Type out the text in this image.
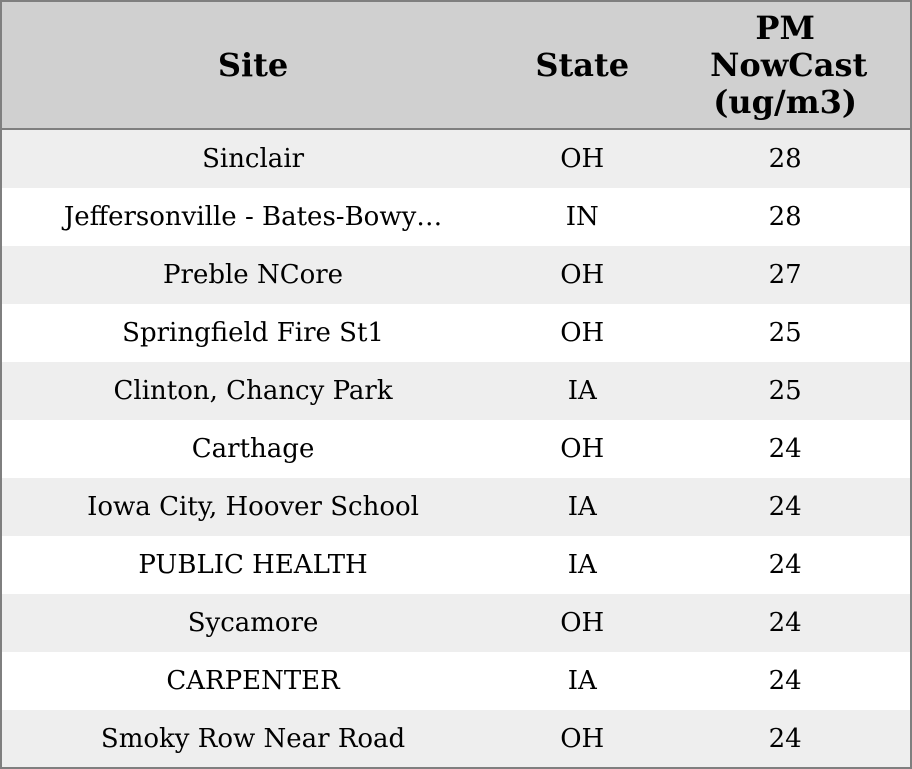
Site	State	PM NowCast (ug/m3)
Sinclair	OH	28
Jeffersonville - Bates-Bowy…	IN	28
Preble NCore	OH	27
Springfield Fire St1	OH	25
Clinton, Chancy Park	IA	25
Carthage	OH	24
Iowa City, Hoover School	IA	24
PUBLIC HEALTH	IA	24
Sycamore	OH	24
CARPENTER	IA	24
Smoky Row Near Road	OH	24
